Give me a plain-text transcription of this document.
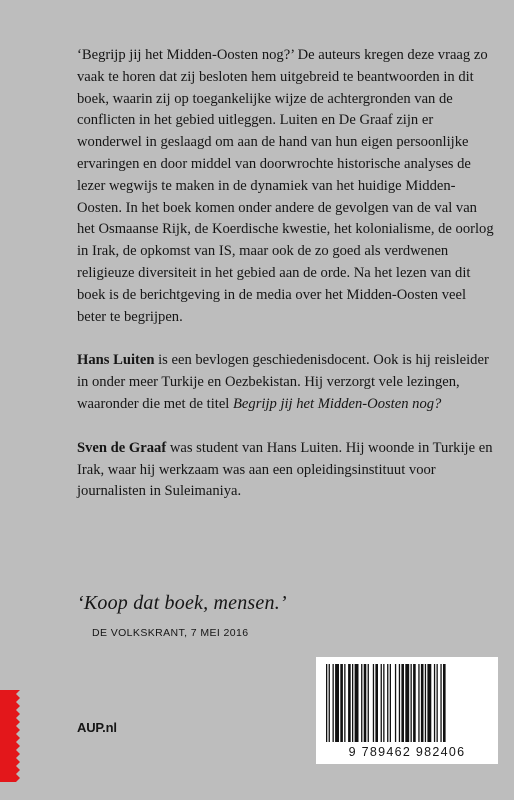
‘Begrijp jij het Midden-Oosten nog?’ De auteurs kregen deze vraag zo vaak te horen dat zij besloten hem uitgebreid te beantwoorden in dit boek, waarin zij op toegankelijke wijze de achtergronden van de conflicten in het gebied uitleggen. Luiten en De Graaf zijn er wonderwel in geslaagd om aan de hand van hun eigen persoonlijke ervaringen en door middel van doorwrochte historische analyses de lezer wegwijs te maken in de dynamiek van het huidige Midden-Oosten. In het boek komen onder andere de gevolgen van de val van het Osmaanse Rijk, de Koerdische kwestie, het kolonialisme, de oorlog in Irak, de opkomst van IS, maar ook de zo goed als verdwenen religieuze diversiteit in het gebied aan de orde. Na het lezen van dit boek is de berichtgeving in de media over het Midden-Oosten veel beter te begrijpen.

Hans Luiten is een bevlogen geschiedenisdocent. Ook is hij reisleider in onder meer Turkije en Oezbekistan. Hij verzorgt vele lezingen, waaronder die met de titel Begrijp jij het Midden-Oosten nog?

Sven de Graaf was student van Hans Luiten. Hij woonde in Turkije en Irak, waar hij werkzaam was aan een opleidingsinstituut voor journalisten in Suleimaniya.

‘Koop dat boek, mensen.’
DE VOLKSKRANT, 7 MEI 2016
AUP.nl
9 789462 982406
